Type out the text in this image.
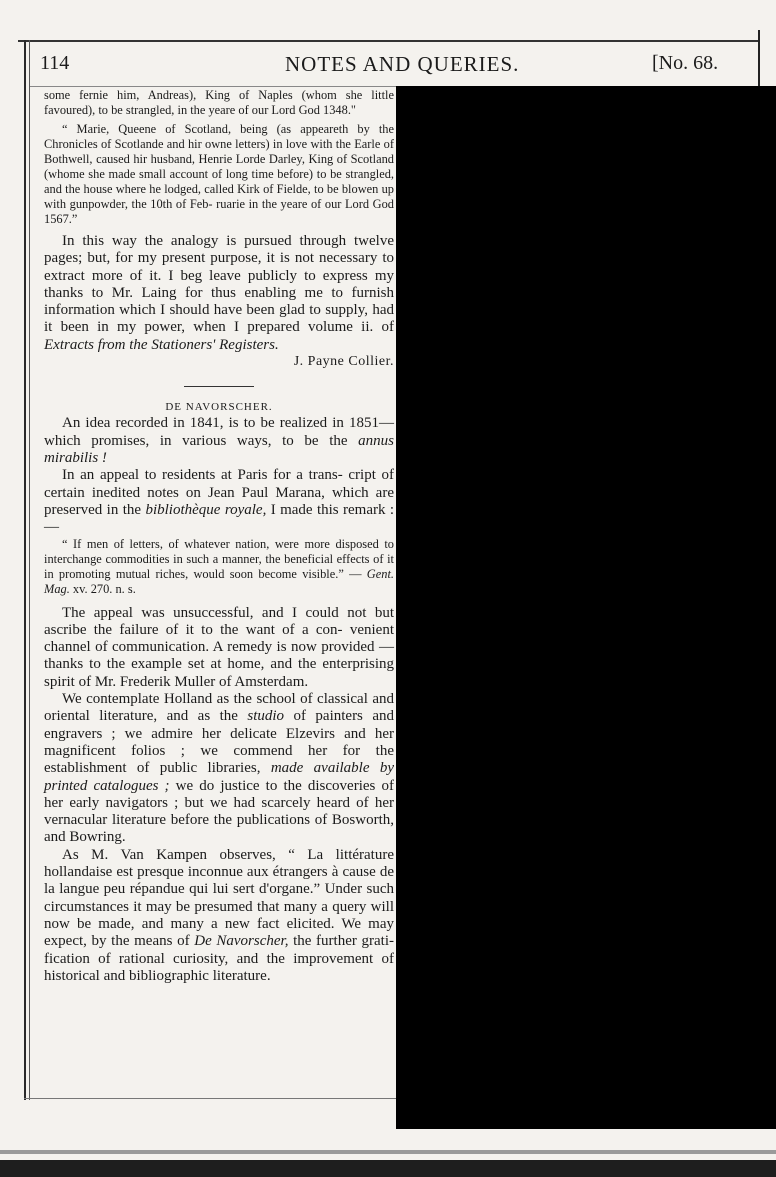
114	NOTES AND QUERIES.	[No. 68.

some fernie him, Andreas), King of Naples (whom she little favoured), to be strangled, in the yeare of our Lord God 1348."

“ Marie, Queene of Scotland, being (as appeareth by the Chronicles of Scotlande and hir owne letters) in love with the Earle of Bothwell, caused hir husband, Henrie Lorde Darley, King of Scotland (whome she made small account of long time before) to be strangled, and the house where he lodged, called Kirk of Fielde, to be blowen up with gunpowder, the 10th of Feb- ruarie in the yeare of our Lord God 1567.”

In this way the analogy is pursued through twelve pages; but, for my present purpose, it is not necessary to extract more of it. I beg leave publicly to express my thanks to Mr. Laing for thus enabling me to furnish information which I should have been glad to supply, had it been in my power, when I prepared volume ii. of Extracts from the Stationers' Registers.

J. Payne Collier.

DE NAVORSCHER.

An idea recorded in 1841, is to be realized in 1851—which promises, in various ways, to be the annus mirabilis !

In an appeal to residents at Paris for a trans- cript of certain inedited notes on Jean Paul Marana, which are preserved in the bibliothèque royale, I made this remark :—

“ If men of letters, of whatever nation, were more disposed to interchange commodities in such a manner, the beneficial effects of it in promoting mutual riches, would soon become visible.” — Gent. Mag. xv. 270. n. s.

The appeal was unsuccessful, and I could not but ascribe the failure of it to the want of a con- venient channel of communication. A remedy is now provided — thanks to the example set at home, and the enterprising spirit of Mr. Frederik Muller of Amsterdam.

We contemplate Holland as the school of classical and oriental literature, and as the studio of painters and engravers ; we admire her delicate Elzevirs and her magnificent folios ; we commend her for the establishment of public libraries, made available by printed catalogues ; we do justice to the discoveries of her early navigators ; but we had scarcely heard of her vernacular literature before the publications of Bosworth, and Bowring.

As M. Van Kampen observes, “ La littérature hollandaise est presque inconnue aux étrangers à cause de la langue peu répandue qui lui sert d'organe.” Under such circumstances it may be presumed that many a query will now be made, and many a new fact elicited. We may expect, by the means of De Navorscher, the further grati- fication of rational curiosity, and the improvement of historical and bibliographic literature.
